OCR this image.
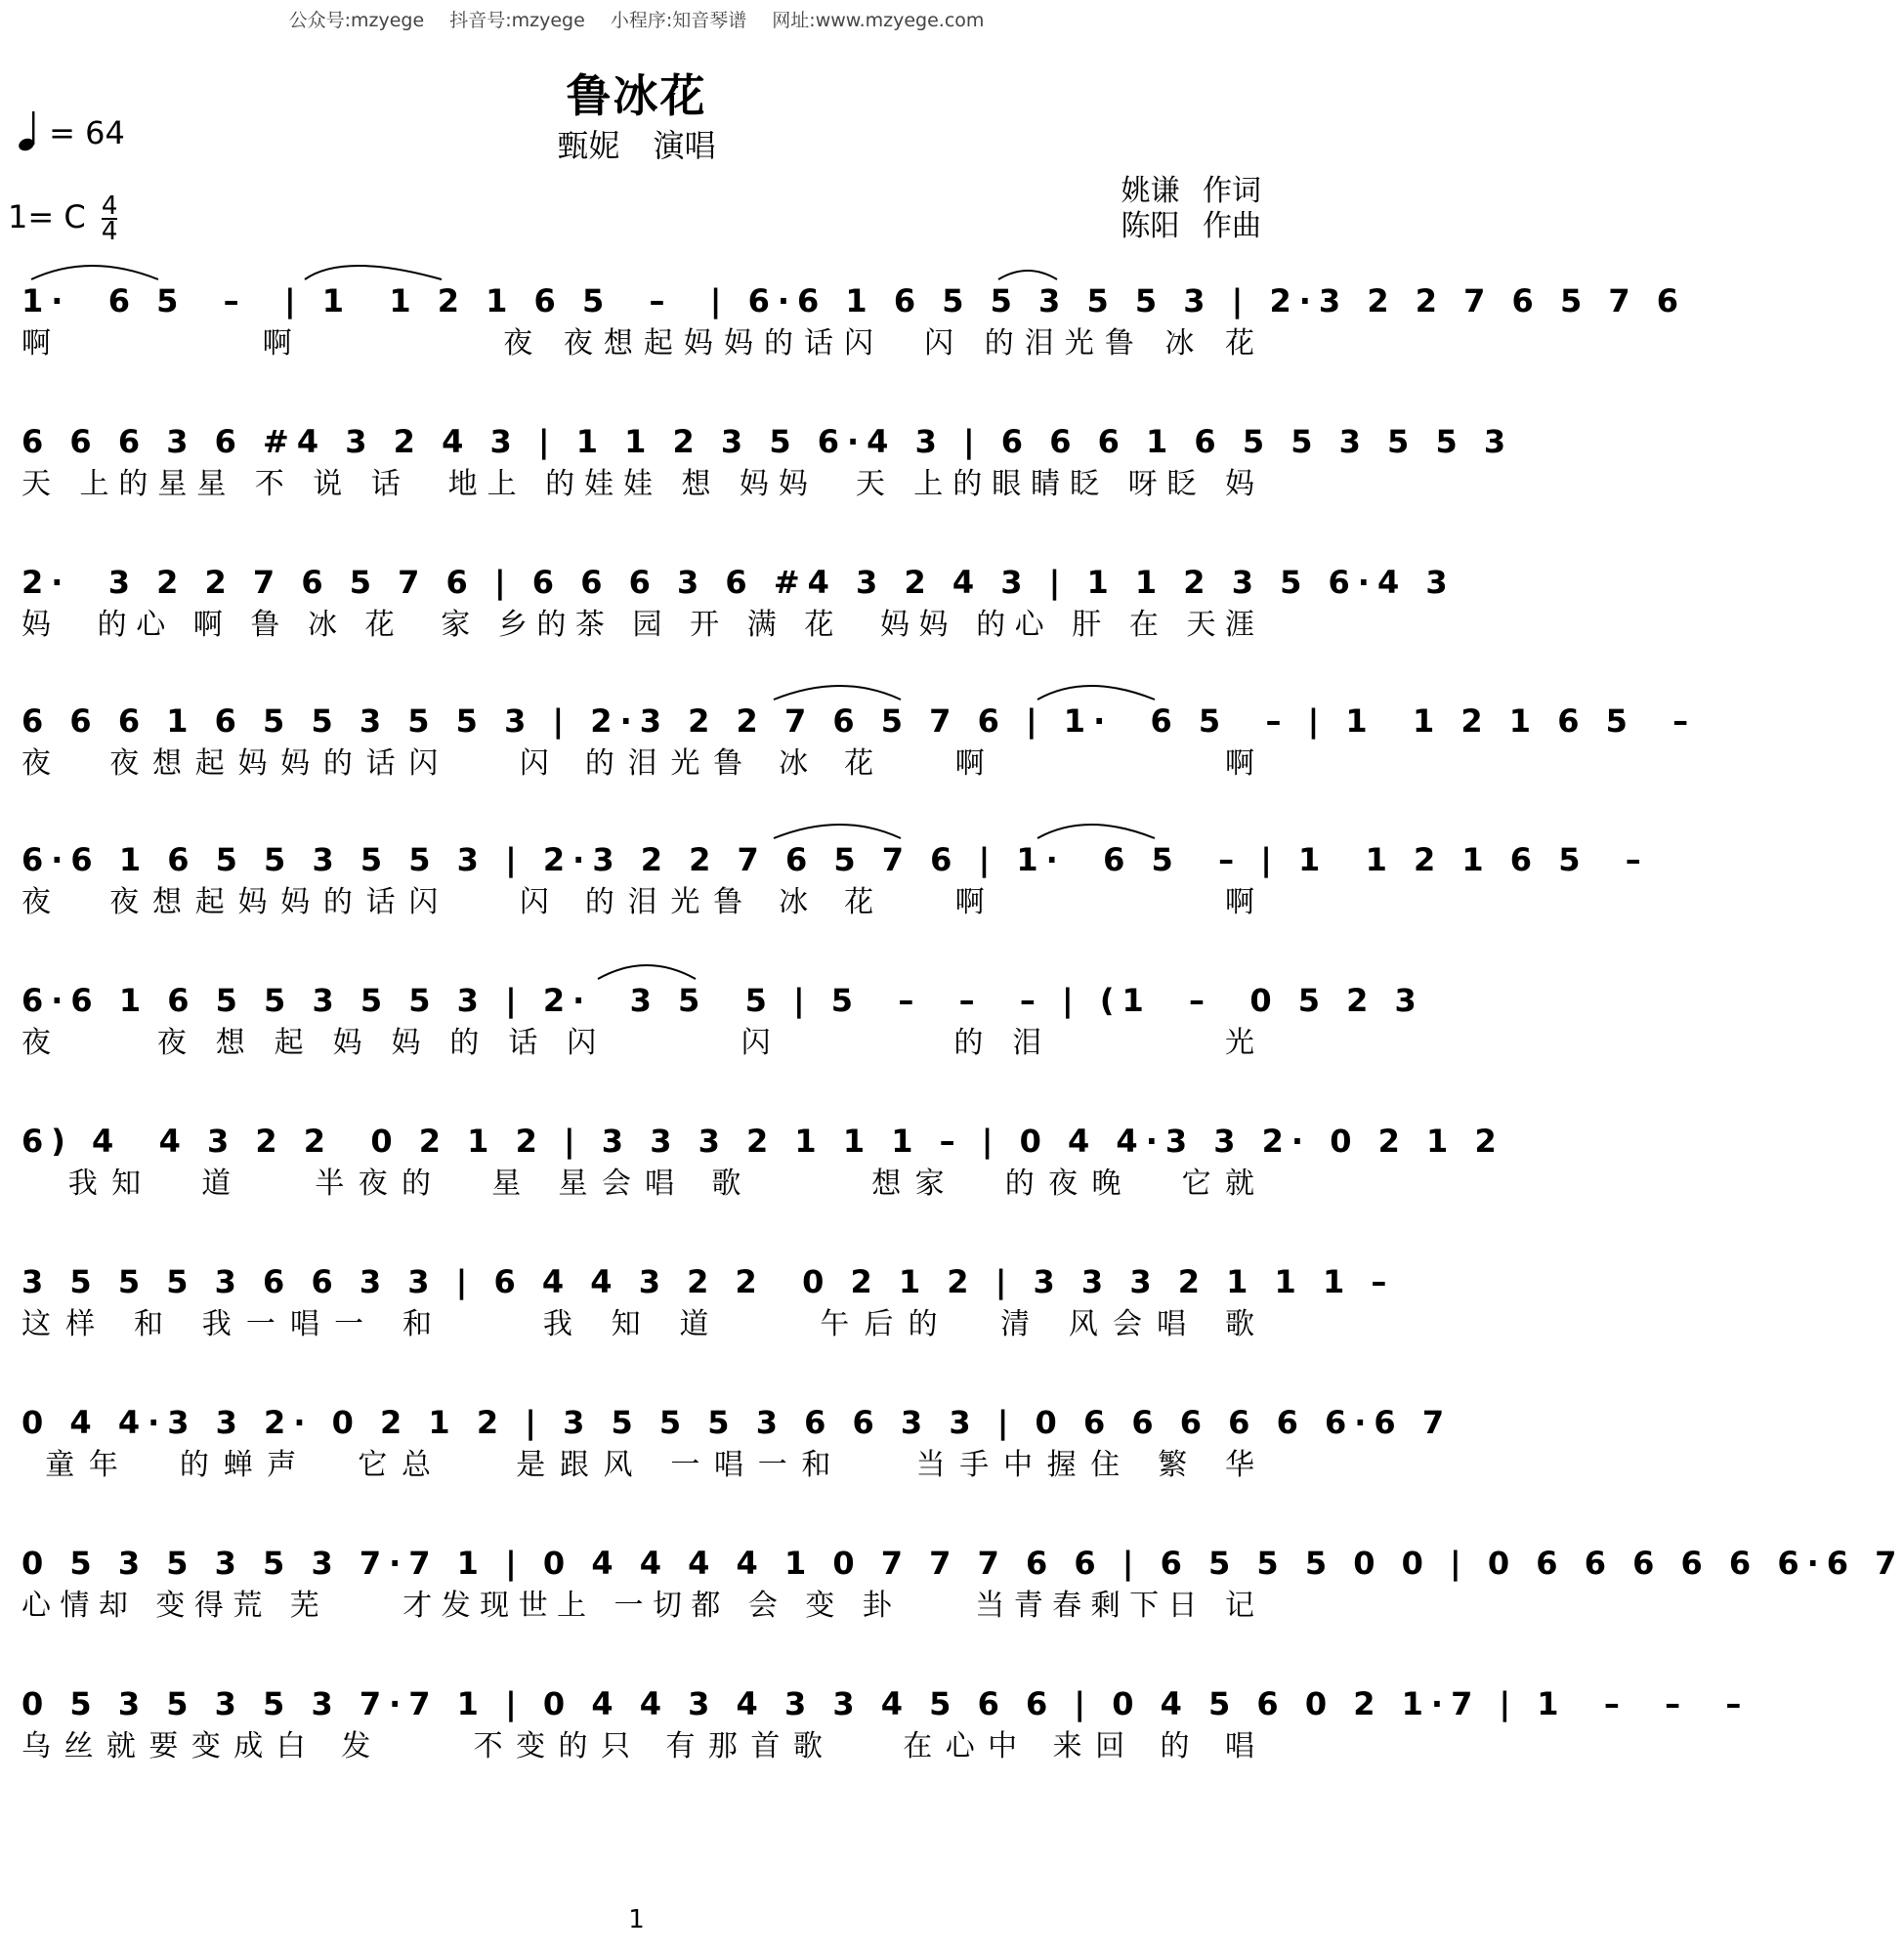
公众号:mzyege 抖音号:mzyege 小程序:知音琴谱 网址:www.mzyege.com
鲁冰花
甄妮 演唱
= 64
1= C $\frac{4}{4}$
姚谦 作词
陈阳 作曲
1·  6 5  –  | 1  1 2 1 6 5  –  | 6·6 1 6 5 5 3 5 5 3 | 2·3 2 2 7 6 5 7 6
啊          啊          夜 夜想起妈妈的话闪  闪 的泪光鲁 冰 花
6 6 6 3 6 #4 3 2 4 3 | 1 1 2 3 5 6·4 3 | 6 6 6 1 6 5 5 3 5 5 3
天 上的星星 不 说 话  地上 的娃娃 想 妈妈  天 上的眼睛眨 呀眨 妈
2·  3 2 2 7 6 5 7 6 | 6 6 6 3 6 #4 3 2 4 3 | 1 1 2 3 5 6·4 3
妈  的心 啊 鲁 冰 花  家 乡的茶 园 开 满 花  妈妈 的心 肝 在 天涯
6 6 6 1 6 5 5 3 5 5 3 | 2·3 2 2 7 6 5 7 6 | 1·  6 5  – | 1  1 2 1 6 5  –
夜  夜想起妈妈的话闪   闪 的泪光鲁 冰 花   啊          啊
6·6 1 6 5 5 3 5 5 3 | 2·3 2 2 7 6 5 7 6 | 1·  6 5  – | 1  1 2 1 6 5  –
夜  夜想起妈妈的话闪   闪 的泪光鲁 冰 花   啊          啊
6·6 1 6 5 5 3 5 5 3 | 2·  3 5  5 | 5  –  –  – | (1  –  0 5 2 3
夜  夜想起妈妈的话闪   闪    的泪    光
6) 4  4 3 2 2  0 2 1 2 | 3 3 3 2 1 1 1 – | 0 4 4·3 3 2· 0 2 1 2
我知  道   半夜的  星 星会唱 歌     想家  的夜晚  它就
3 5 5 5 3 6 6 3 3 | 6 4 4 3 2 2  0 2 1 2 | 3 3 3 2 1 1 1 –
这样 和 我一唱一 和    我 知 道    午后的  清 风会唱 歌
0 4 4·3 3 2· 0 2 1 2 | 3 5 5 5 3 6 6 3 3 | 0 6 6 6 6 6 6·6 7
童年  的蝉声  它总   是跟风 一唱一和   当手中握住 繁 华
0 5 3 5 3 5 3 7·7 1 | 0 4 4 4 4 1 0 7 7 7 6 6 | 6 5 5 5 0 0 | 0 6 6 6 6 6 6·6 7
心情却 变得荒 芜    才发现世上 一切都 会 变 卦    当青春剩下日 记
0 5 3 5 3 5 3 7·7 1 | 0 4 4 3 4 3 3 4 5 6 6 | 0 4 5 6 0 2 1·7 | 1  –  –  –
乌丝就要变成白 发    不变的只 有那首歌   在心中 来回 的 唱
1
